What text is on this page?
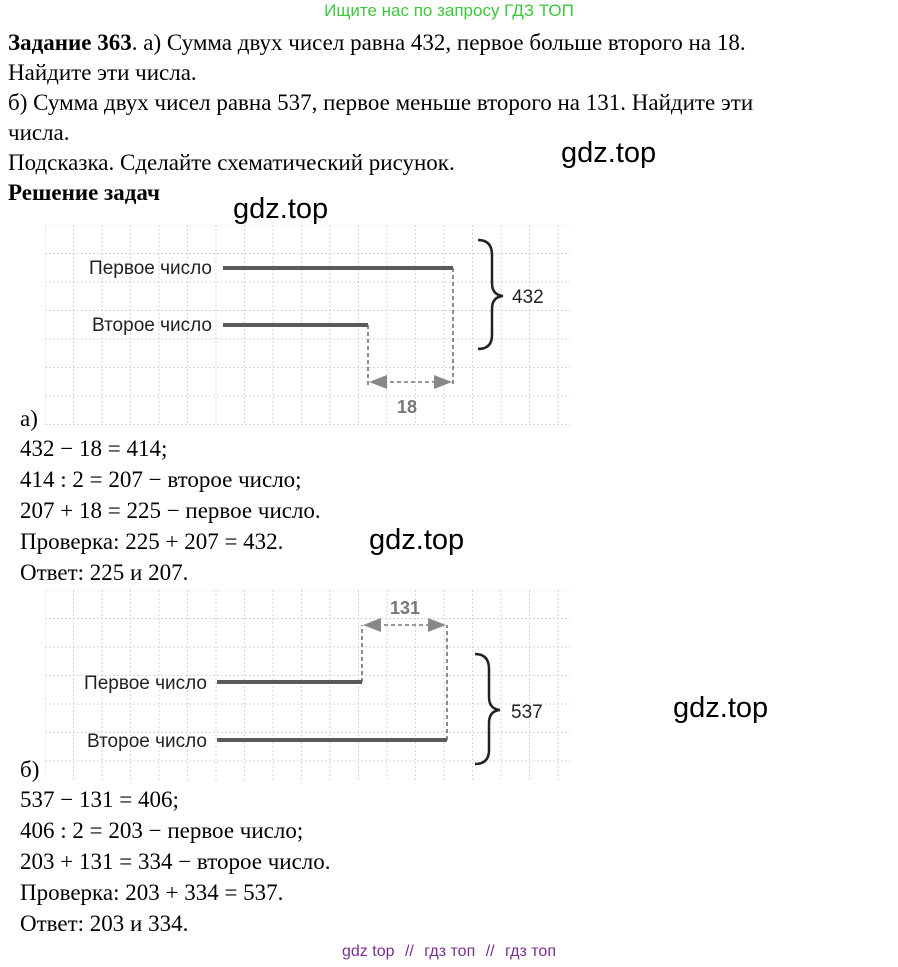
Ищите нас по запросу ГДЗ ТОП

Задание 363. а) Сумма двух чисел равна 432, первое больше второго на 18.

Найдите эти числа.

б) Сумма двух чисел равна 537, первое меньше второго на 131. Найдите эти

числа.

Подсказка. Сделайте схематический рисунок.

Решение задач

gdz.top
gdz.top
gdz.top
gdz.top
Первое число
Второе число
432
18
а)
432 − 18 = 414;
414 : 2 = 207 − второе число;
207 + 18 = 225 − первое число.
Проверка: 225 + 207 = 432.
Ответ: 225 и 207.
Первое число
Второе число
537
131
б)
537 − 131 = 406;
406 : 2 = 203 − первое число;
203 + 131 = 334 − второе число.
Проверка: 203 + 334 = 537.
Ответ: 203 и 334.
gdz top // гдз топ // гдз топ
